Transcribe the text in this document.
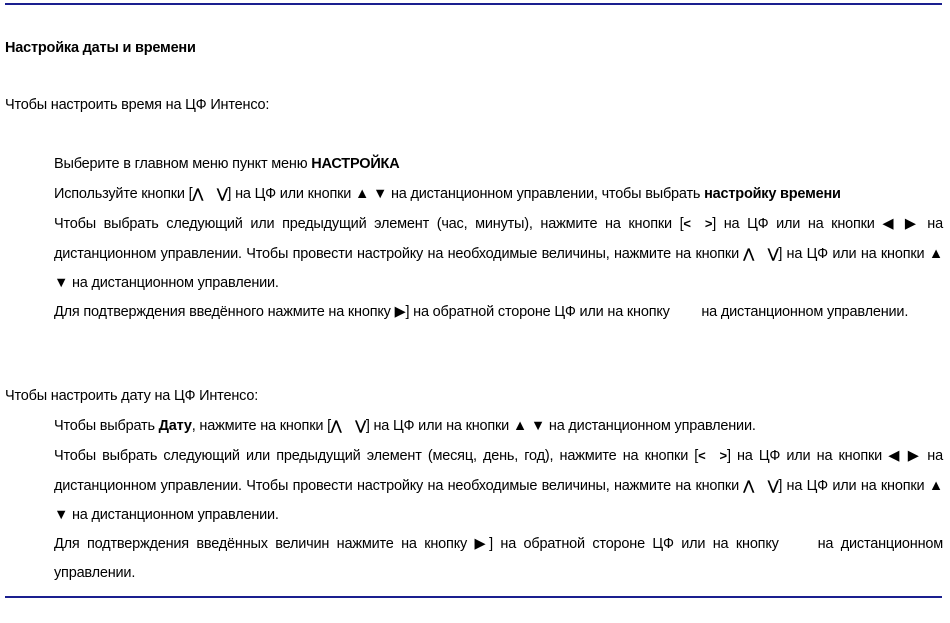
Настройка даты и времени
Чтобы настроить время на ЦФ Интенсо:
Выберите в главном меню пункт меню НАСТРОЙКА
Используйте кнопки [⋀ ⋁] на ЦФ или кнопки ▲ ▼ на дистанционном управлении, чтобы выбрать настройку времени
Чтобы выбрать следующий или предыдущий элемент (час, минуты), нажмите на кнопки [< >] на ЦФ или на кнопки ◀ ▶ на дистанционном управлении. Чтобы провести настройку на необходимые величины, нажмите на кнопки ⋀ ⋁] на ЦФ или на кнопки ▲ ▼ на дистанционном управлении.
Для подтверждения введённого нажмите на кнопку ▶] на обратной стороне ЦФ или на кнопку  на дистанционном управлении.
Чтобы настроить дату на ЦФ Интенсо:
Чтобы выбрать Дату, нажмите на кнопки [⋀ ⋁] на ЦФ или на кнопки ▲ ▼ на дистанционном управлении.
Чтобы выбрать следующий или предыдущий элемент (месяц, день, год), нажмите на кнопки [< >] на ЦФ или на кнопки ◀ ▶ на дистанционном управлении. Чтобы провести настройку на необходимые величины, нажмите на кнопки ⋀ ⋁] на ЦФ или на кнопки ▲ ▼ на дистанционном управлении.
Для подтверждения введённых величин нажмите на кнопку ▶] на обратной стороне ЦФ или на кнопку  на дистанционном управлении.
